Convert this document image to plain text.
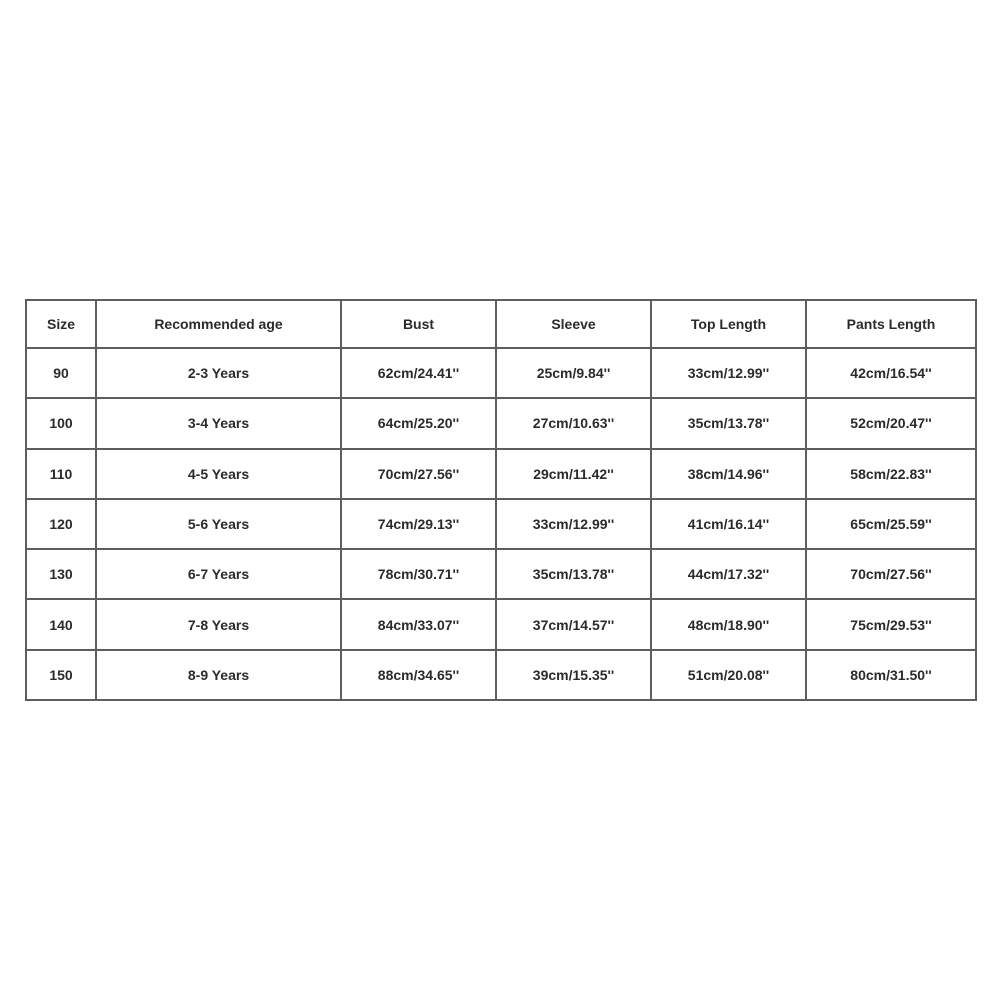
Size	Recommended age	Bust	Sleeve	Top Length	Pants Length
90	2-3 Years	62cm/24.41''	25cm/9.84''	33cm/12.99''	42cm/16.54''
100	3-4 Years	64cm/25.20''	27cm/10.63''	35cm/13.78''	52cm/20.47''
110	4-5 Years	70cm/27.56''	29cm/11.42''	38cm/14.96''	58cm/22.83''
120	5-6 Years	74cm/29.13''	33cm/12.99''	41cm/16.14''	65cm/25.59''
130	6-7 Years	78cm/30.71''	35cm/13.78''	44cm/17.32''	70cm/27.56''
140	7-8 Years	84cm/33.07''	37cm/14.57''	48cm/18.90''	75cm/29.53''
150	8-9 Years	88cm/34.65''	39cm/15.35''	51cm/20.08''	80cm/31.50''
